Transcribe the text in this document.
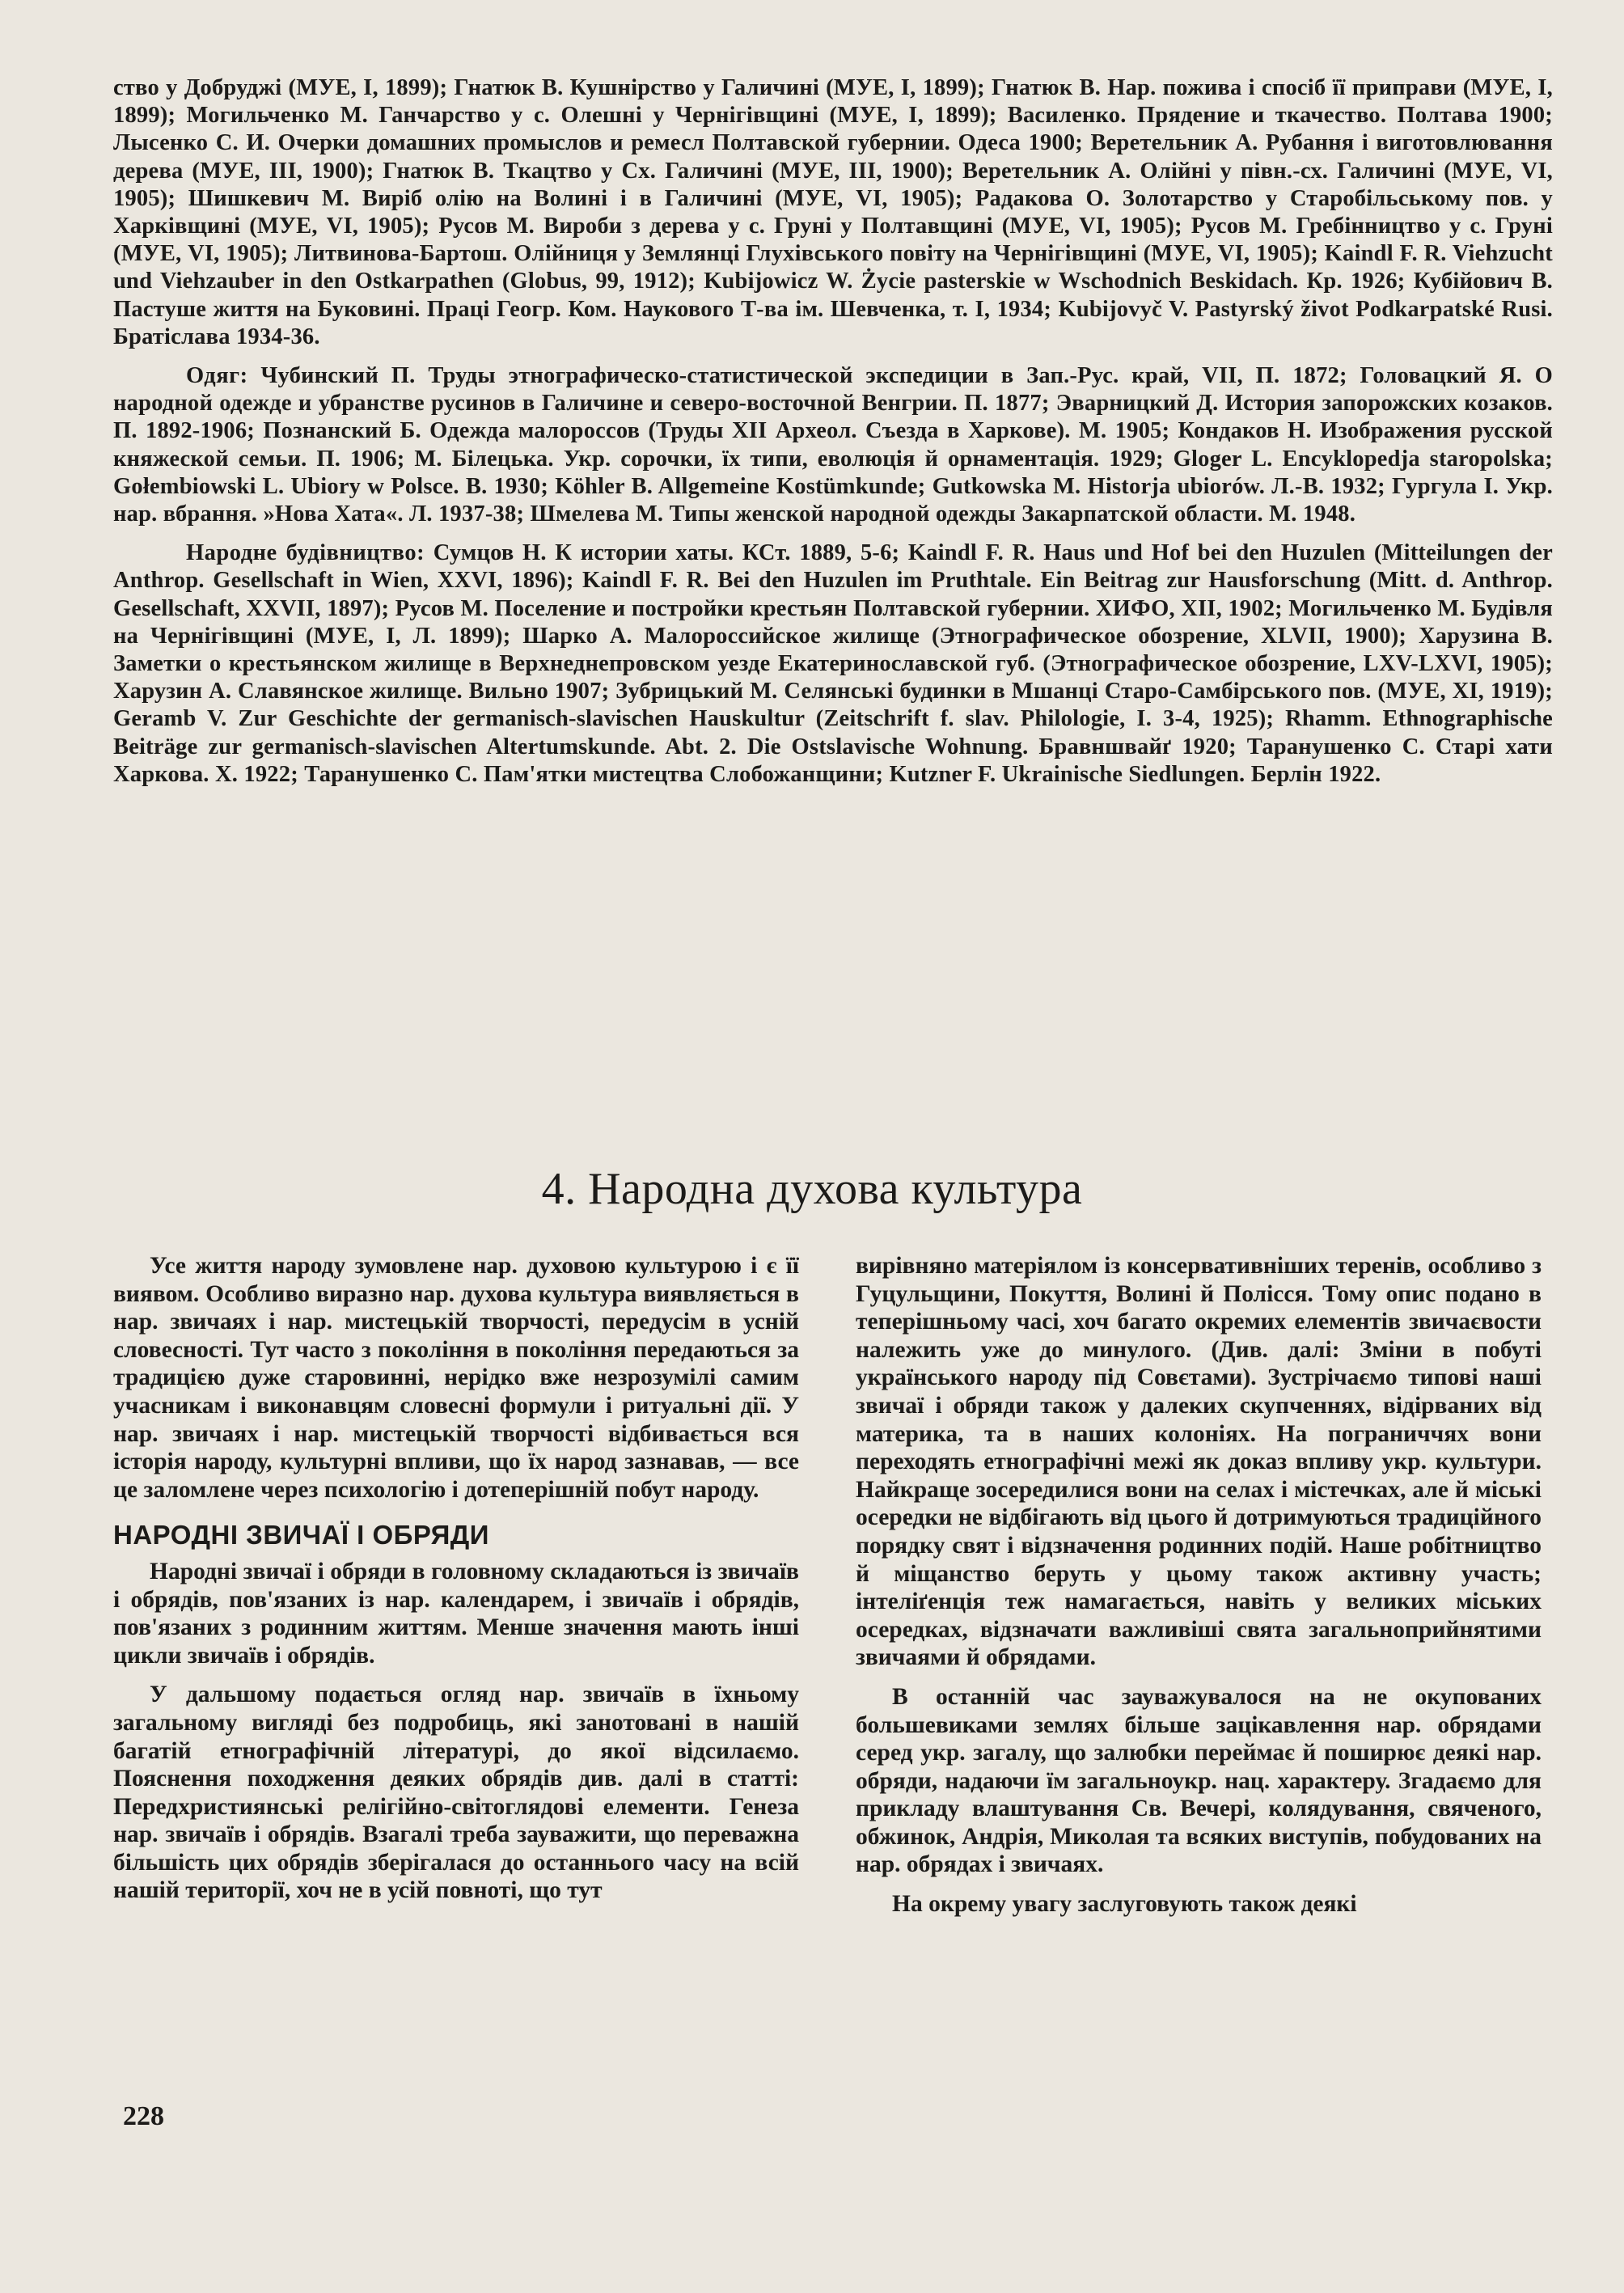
ство у Добруджі (МУЕ, I, 1899); Гнатюк В. Кушнірство у Галичині (МУЕ, I, 1899); Гнатюк В. Нар. пожива і спосіб її приправи (МУЕ, I, 1899); Могильченко М. Ганчарство у с. Олешні у Чернігівщині (МУЕ, I, 1899); Василенко. Прядение и ткачество. Полтава 1900; Лысенко С. И. Очерки домашних промыслов и ремесл Полтавской губернии. Одеса 1900; Веретельник А. Рубання і виготовлювання дерева (МУЕ, III, 1900); Гнатюк В. Ткацтво у Сх. Галичині (МУЕ, III, 1900); Веретельник А. Олійні у півн.-сх. Галичині (МУЕ, VI, 1905); Шишкевич М. Виріб олію на Волині і в Галичині (МУЕ, VI, 1905); Радакова О. Золотарство у Старобільському пов. у Харківщині (МУЕ, VI, 1905); Русов М. Вироби з дерева у с. Груні у Полтавщині (МУЕ, VI, 1905); Русов М. Гребінництво у с. Груні (МУЕ, VI, 1905); Литвинова-Бартош. Олійниця у Землянці Глухівського повіту на Чернігівщині (МУЕ, VI, 1905); Kaindl F. R. Viehzucht und Viehzauber in den Ostkarpathen (Globus, 99, 1912); Kubijowicz W. Życie pasterskie w Wschodnich Beskidach. Кр. 1926; Кубійович В. Пастуше життя на Буковині. Праці Геогр. Ком. Наукового Т-ва ім. Шевченка, т. I, 1934; Kubijovyč V. Pastyrský život Podkarpatské Rusi. Братіслава 1934-36.

Одяг: Чубинский П. Труды этнографическо-статистической экспедиции в Зап.-Рус. край, VII, П. 1872; Головацкий Я. О народной одежде и убранстве русинов в Галичине и северо-восточной Венгрии. П. 1877; Эварницкий Д. История запорожских козаков. П. 1892-1906; Познанский Б. Одежда малороссов (Труды XII Археол. Съезда в Харкове). М. 1905; Кондаков Н. Изображения русской княжеской семьи. П. 1906; М. Білецька. Укр. сорочки, їх типи, еволюція й орнаментація. 1929; Gloger L. Encyklopedja staropolska; Gołembiowski L. Ubiory w Polsce. В. 1930; Köhler B. Allgemeine Kostümkunde; Gutkowska M. Historja ubiorów. Л.-В. 1932; Гургула I. Укр. нар. вбрання. »Нова Хата«. Л. 1937-38; Шмелева М. Типы женской народной одежды Закарпатской области. М. 1948.

Народне будівництво: Сумцов Н. К истории хаты. КСт. 1889, 5-6; Kaindl F. R. Haus und Hof bei den Huzulen (Mitteilungen der Anthrop. Gesellschaft in Wien, XXVI, 1896); Kaindl F. R. Bei den Huzulen im Pruthtale. Ein Beitrag zur Hausforschung (Mitt. d. Anthrop. Gesellschaft, XXVII, 1897); Русов М. Поселение и постройки крестьян Полтавской губернии. ХИФО, XII, 1902; Могильченко М. Будівля на Чернігівщині (МУЕ, I, Л. 1899); Шарко А. Малороссийское жилище (Этнографическое обозрение, XLVII, 1900); Харузина В. Заметки о крестьянском жилище в Верхнеднепровском уезде Екатеринославской губ. (Этнографическое обозрение, LXV-LXVI, 1905); Харузин А. Славянское жилище. Вильно 1907; Зубрицький М. Селянські будинки в Мшанці Старо-Самбірського пов. (МУЕ, XI, 1919); Geramb V. Zur Geschichte der germanisch-slavischen Hauskultur (Zeitschrift f. slav. Philologie, I. 3-4, 1925); Rhamm. Ethnographische Beiträge zur germanisch-slavischen Altertumskunde. Abt. 2. Die Ostslavische Wohnung. Бравншвайґ 1920; Таранушенко С. Старі хати Харкова. Х. 1922; Таранушенко С. Пам'ятки мистецтва Слобожанщини; Kutzner F. Ukrainische Siedlungen. Берлін 1922.

4. Народна духова культура

Усе життя народу зумовлене нар. духовою культурою і є її виявом. Особливо виразно нар. духова культура виявляється в нар. звичаях і нар. мистецькій творчості, передусім в усній словесності. Тут часто з покоління в покоління передаються за традицією дуже старовинні, нерідко вже незрозумілі самим учасникам і виконавцям словесні формули і ритуальні дії. У нар. звичаях і нар. мистецькій творчості відбивається вся історія народу, культурні впливи, що їх народ зазнавав, — все це заломлене через психологію і дотеперішній побут народу.

НАРОДНІ ЗВИЧАЇ І ОБРЯДИ

Народні звичаї і обряди в головному складаються із звичаїв і обрядів, пов'язаних із нар. календарем, і звичаїв і обрядів, пов'язаних з родинним життям. Менше значення мають інші цикли звичаїв і обрядів.

У дальшому подається огляд нар. звичаїв в їхньому загальному вигляді без подробиць, які занотовані в нашій багатій етнографічній літературі, до якої відсилаємо. Пояснення походження деяких обрядів див. далі в статті: Передхристиянські релігійно-світоглядові елементи. Генеза нар. звичаїв і обрядів. Взагалі треба зауважити, що переважна більшість цих обрядів зберігалася до останнього часу на всій нашій території, хоч не в усій повноті, що тут

вирівняно матеріялом із консервативніших теренів, особливо з Гуцульщини, Покуття, Волині й Полісся. Тому опис подано в теперішньому часі, хоч багато окремих елементів звичаєвости належить уже до минулого. (Див. далі: Зміни в побуті українського народу під Совєтами). Зустрічаємо типові наші звичаї і обряди також у далеких скупченнях, відірваних від материка, та в наших колоніях. На пограниччях вони переходять етнографічні межі як доказ впливу укр. культури. Найкраще зосередилися вони на селах і містечках, але й міські осередки не відбігають від цього й дотримуються традиційного порядку свят і відзначення родинних подій. Наше робітництво й міщанство беруть у цьому також активну участь; інтеліґенція теж намагається, навіть у великих міських осередках, відзначати важливіші свята загальноприйнятими звичаями й обрядами.

В останній час зауважувалося на не окупованих большевиками землях більше зацікавлення нар. обрядами серед укр. загалу, що залюбки переймає й поширює деякі нар. обряди, надаючи їм загальноукр. нац. характеру. Згадаємо для прикладу влаштування Св. Вечері, колядування, свяченого, обжинок, Андрія, Миколая та всяких виступів, побудованих на нар. обрядах і звичаях.

На окрему увагу заслуговують також деякі

228
